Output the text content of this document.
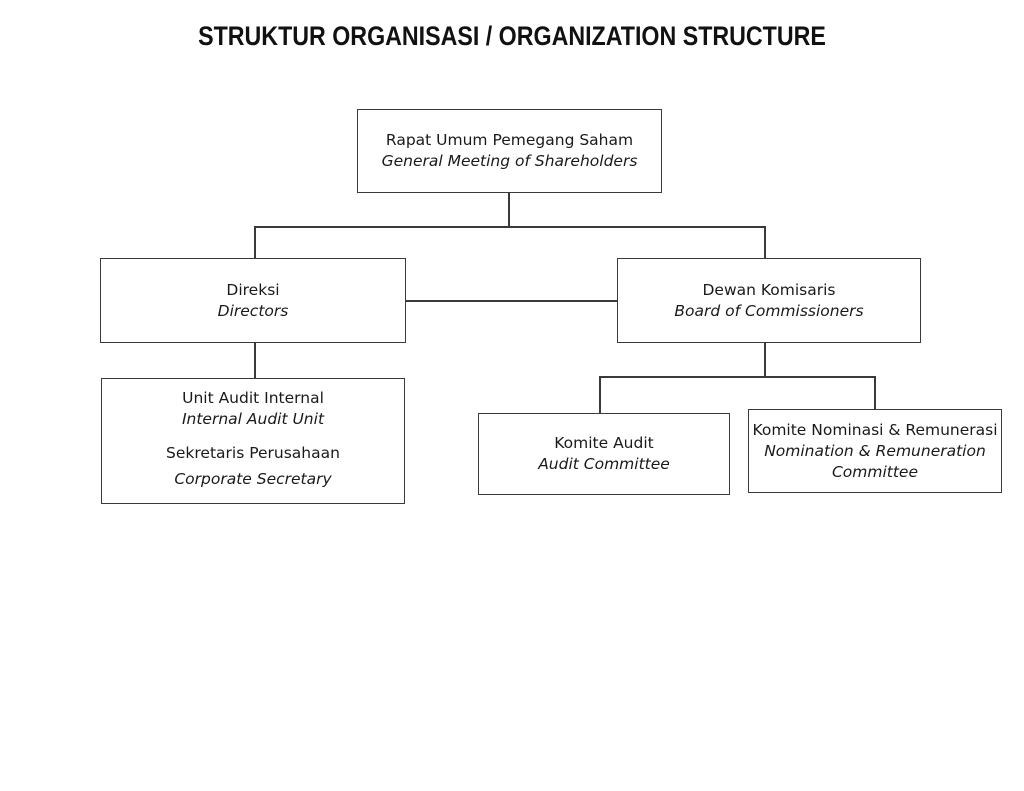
STRUKTUR ORGANISASI / ORGANIZATION STRUCTURE
Rapat Umum Pemegang Saham
General Meeting of Shareholders
Direksi
Directors
Dewan Komisaris
Board of Commissioners
Unit Audit Internal
Internal Audit Unit
Sekretaris Perusahaan
Corporate Secretary
Komite Audit
Audit Committee
Komite Nominasi & Remunerasi
Nomination & Remuneration
Committee
